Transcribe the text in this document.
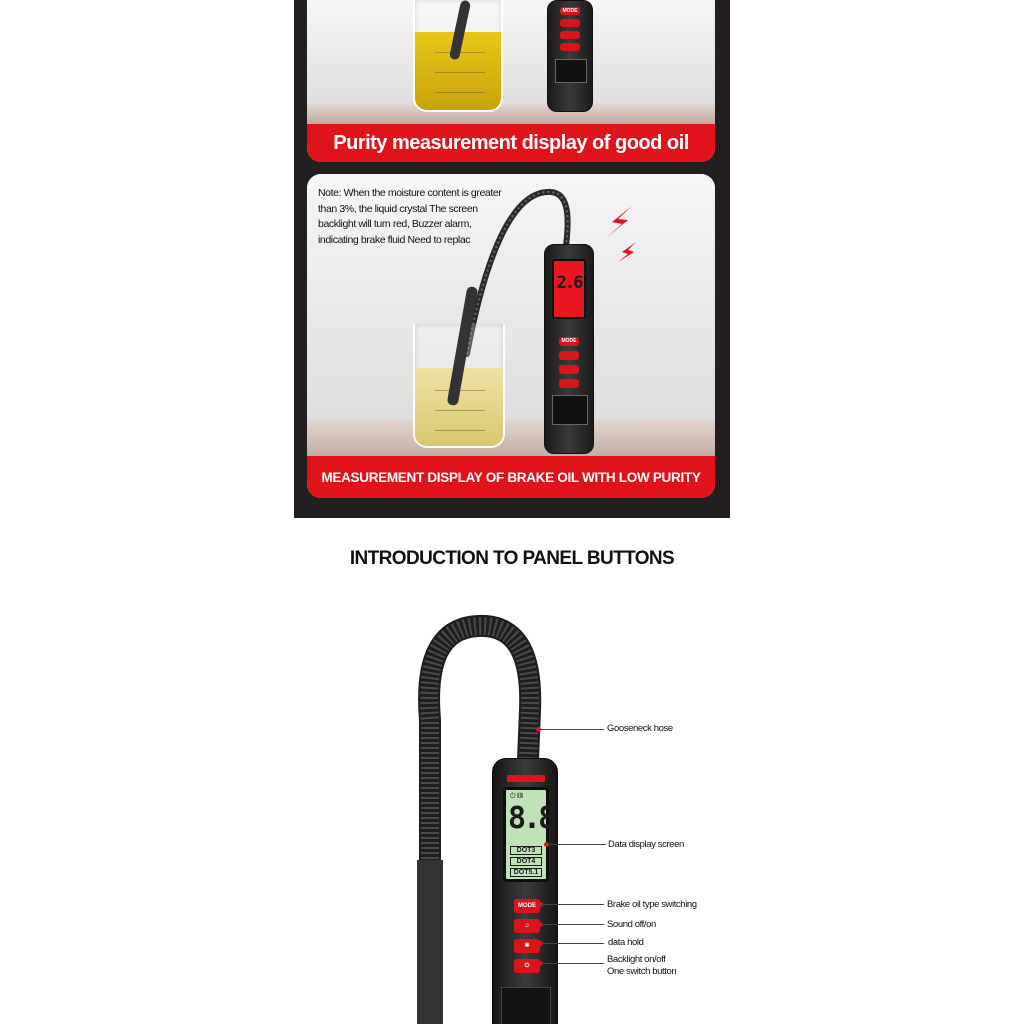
MODE
Purity measurement display of good oil
2.6
MODE
MEASUREMENT DISPLAY OF BRAKE OIL WITH LOW PURITY
Note: When the moisture content is greater
than 3%, the liquid crystal The screen
backlight will turn red, Buzzer alarm,
indicating brake fluid Need to replac
INTRODUCTION TO PANEL BUTTONS
⏻ ▥
8.8
DOT3
DOT4
DOT5.1
MODE
♫
✱
⏻
Gooseneck hose
Data display screen
Brake oil type switching
Sound off/on
data hold
Backlight on/off
One switch button
